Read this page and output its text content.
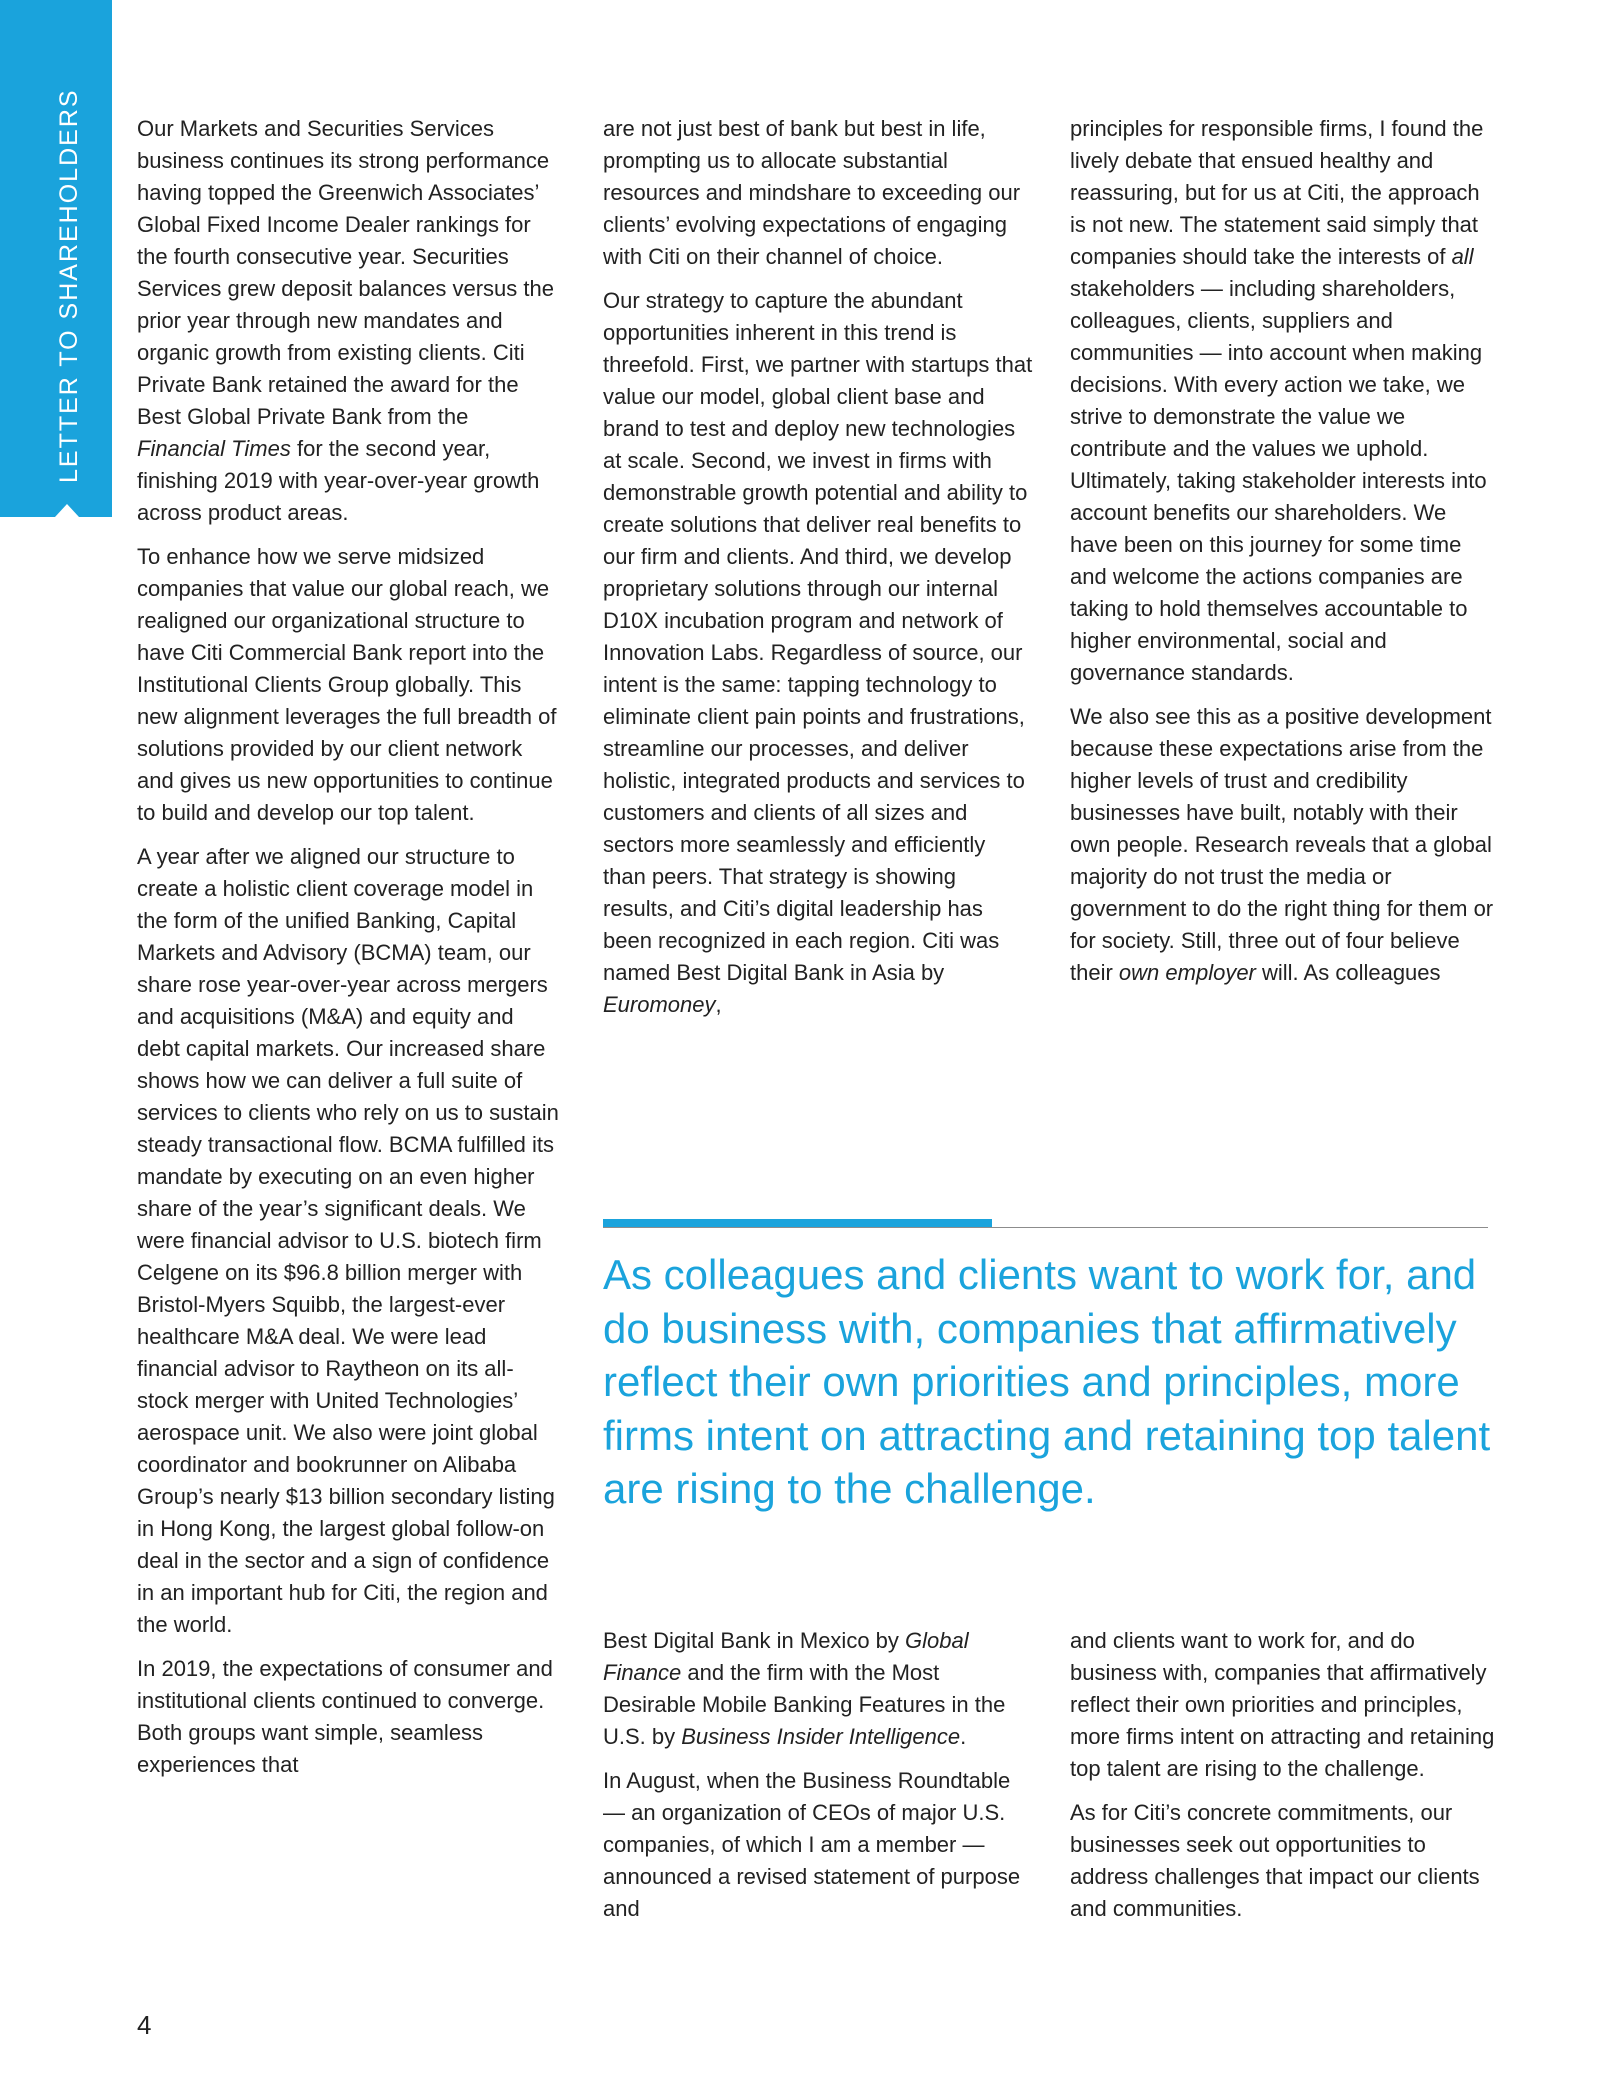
LETTER TO SHAREHOLDERS Our Markets and Securities Services business continues its strong performance having topped the Greenwich Associates’ Global Fixed Income Dealer rankings for the fourth consecutive year. Securities Services grew deposit balances versus the prior year through new mandates and organic growth from existing clients. Citi Private Bank retained the award for the Best Global Private Bank from the Financial Times for the second year, finishing 2019 with year-over-year growth across product areas.

To enhance how we serve midsized companies that value our global reach, we realigned our organizational structure to have Citi Commercial Bank report into the Institutional Clients Group globally. This new alignment leverages the full breadth of solutions provided by our client network and gives us new opportunities to continue to build and develop our top talent.

A year after we aligned our structure to create a holistic client coverage model in the form of the unified Banking, Capital Markets and Advisory (BCMA) team, our share rose year-over-year across mergers and acquisitions (M&A) and equity and debt capital markets. Our increased share shows how we can deliver a full suite of services to clients who rely on us to sustain steady transactional flow. BCMA fulfilled its mandate by executing on an even higher share of the year’s significant deals. We were financial advisor to U.S. biotech firm Celgene on its $96.8 billion merger with Bristol-Myers Squibb, the largest-ever healthcare M&A deal. We were lead financial advisor to Raytheon on its all-stock merger with United Technologies’ aerospace unit. We also were joint global coordinator and bookrunner on Alibaba Group’s nearly $13 billion secondary listing in Hong Kong, the largest global follow-on deal in the sector and a sign of confidence in an important hub for Citi, the region and the world.

In 2019, the expectations of consumer and institutional clients continued to converge. Both groups want simple, seamless experiences that

are not just best of bank but best in life, prompting us to allocate substantial resources and mindshare to exceeding our clients’ evolving expectations of engaging with Citi on their channel of choice.

Our strategy to capture the abundant opportunities inherent in this trend is threefold. First, we partner with startups that value our model, global client base and brand to test and deploy new technologies at scale. Second, we invest in firms with demonstrable growth potential and ability to create solutions that deliver real benefits to our firm and clients. And third, we develop proprietary solutions through our internal D10X incubation program and network of Innovation Labs. Regardless of source, our intent is the same: tapping technology to eliminate client pain points and frustrations, streamline our processes, and deliver holistic, integrated products and services to customers and clients of all sizes and sectors more seamlessly and efficiently than peers. That strategy is showing results, and Citi’s digital leadership has been recognized in each region. Citi was named Best Digital Bank in Asia by Euromoney,

principles for responsible firms, I found the lively debate that ensued healthy and reassuring, but for us at Citi, the approach is not new. The statement said simply that companies should take the interests of all stakeholders — including shareholders, colleagues, clients, suppliers and communities — into account when making decisions. With every action we take, we strive to demonstrate the value we contribute and the values we uphold. Ultimately, taking stakeholder interests into account benefits our shareholders. We have been on this journey for some time and welcome the actions companies are taking to hold themselves accountable to higher environmental, social and governance standards.

We also see this as a positive development because these expectations arise from the higher levels of trust and credibility businesses have built, notably with their own people. Research reveals that a global majority do not trust the media or government to do the right thing for them or for society. Still, three out of four believe their own employer will. As colleagues

As colleagues and clients want to work for, and do business with, companies that affirmatively reflect their own priorities and principles, more firms intent on attracting and retaining top talent are rising to the challenge.

Best Digital Bank in Mexico by Global Finance and the firm with the Most Desirable Mobile Banking Features in the U.S. by Business Insider Intelligence.

In August, when the Business Roundtable — an organization of CEOs of major U.S. companies, of which I am a member — announced a revised statement of purpose and

and clients want to work for, and do business with, companies that affirmatively reflect their own priorities and principles, more firms intent on attracting and retaining top talent are rising to the challenge.

As for Citi’s concrete commitments, our businesses seek out opportunities to address challenges that impact our clients and communities.

4
